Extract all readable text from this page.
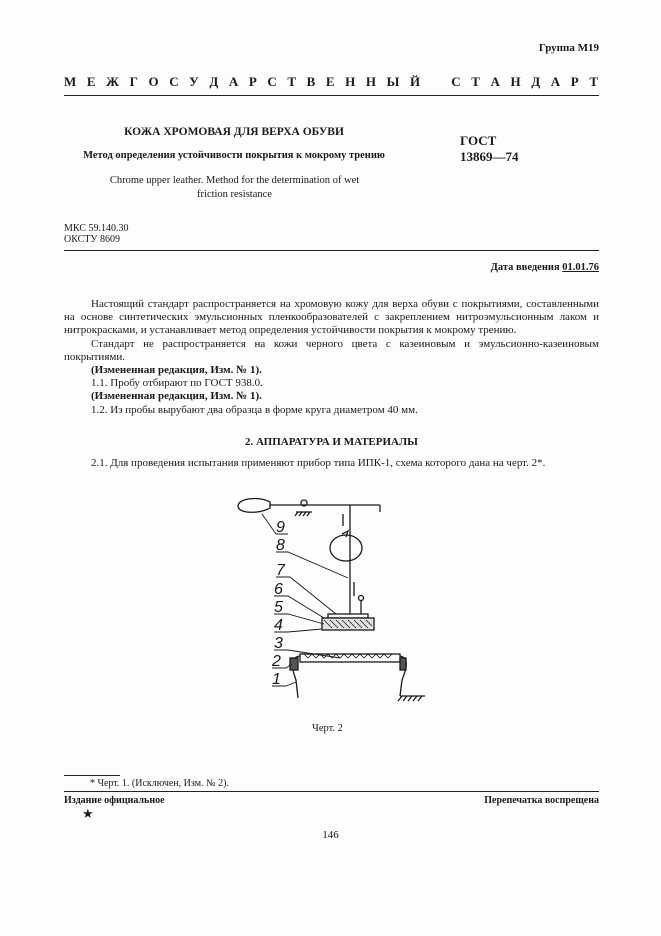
Группа М19
М Е Ж Г О С У Д А Р С Т В Е Н Н Ы Й С Т А Н Д А Р Т
КОЖА ХРОМОВАЯ ДЛЯ ВЕРХА ОБУВИ
Метод определения устойчивости покрытия к мокрому трению
Chrome upper leather. Method for the determination of wet
friction resistance
ГОСТ
13869—74
МКС 59.140.30
ОКСТУ 8609
Дата введения 01.01.76

Настоящий стандарт распространяется на хромовую кожу для верха обуви с покрытиями, составленными на основе синтетических эмульсионных пленкообразователей с закреплением нитроэмульсионным лаком и нитрокрасками, и устанавливает метод определения устойчивости покрытия к мокрому трению.

Стандарт не распространяется на кожи черного цвета с казеиновым и эмульсионно-казеиновым покрытиями.

(Измененная редакция, Изм. № 1).

1.1. Пробу отбирают по ГОСТ 938.0.

(Измененная редакция, Изм. № 1).

1.2. Из пробы вырубают два образца в форме круга диаметром 40 мм.

2. АППАРАТУРА И МАТЕРИАЛЫ

2.1. Для проведения испытания применяют прибор типа ИПК-1, схема которого дана на черт. 2*.

9
8
7
6
5
4
3
2
1
Черт. 2
* Черт. 1. (Исключен, Изм. № 2).
Издание официальное	Перепечатка воспрещена
★
146
